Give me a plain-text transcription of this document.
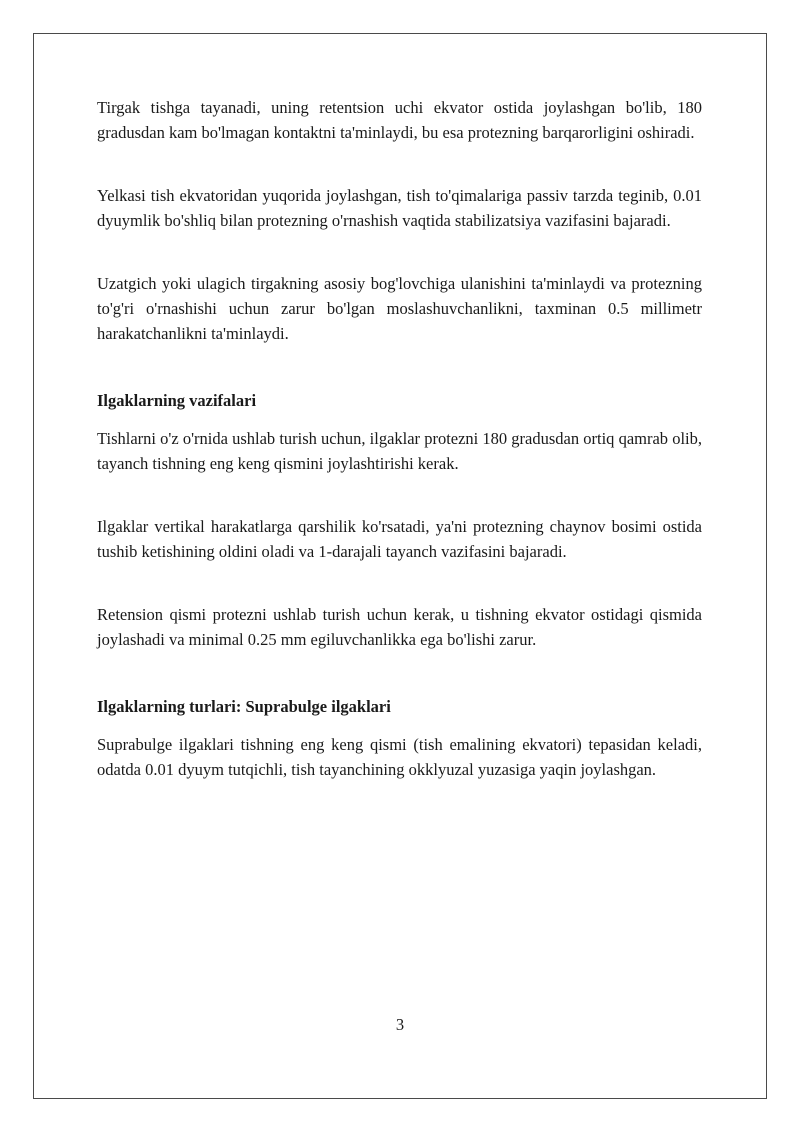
Tirgak tishga tayanadi, uning retentsion uchi ekvator ostida joylashgan bo'lib, 180 gradusdan kam bo'lmagan kontaktni ta'minlaydi, bu esa protezning barqarorligini oshiradi.

Yelkasi tish ekvatoridan yuqorida joylashgan, tish to'qimalariga passiv tarzda teginib, 0.01 dyuymlik bo'shliq bilan protezning o'rnashish vaqtida stabilizatsiya vazifasini bajaradi.

Uzatgich yoki ulagich tirgakning asosiy bog'lovchiga ulanishini ta'minlaydi va protezning to'g'ri o'rnashishi uchun zarur bo'lgan moslashuvchanlikni, taxminan 0.5 millimetr harakatchanlikni ta'minlaydi.

Ilgaklarning vazifalari

Tishlarni o'z o'rnida ushlab turish uchun, ilgaklar protezni 180 gradusdan ortiq qamrab olib, tayanch tishning eng keng qismini joylashtirishi kerak.

Ilgaklar vertikal harakatlarga qarshilik ko'rsatadi, ya'ni protezning chaynov bosimi ostida tushib ketishining oldini oladi va 1-darajali tayanch vazifasini bajaradi.

Retension qismi protezni ushlab turish uchun kerak, u tishning ekvator ostidagi qismida joylashadi va minimal 0.25 mm egiluvchanlikka ega bo'lishi zarur.

Ilgaklarning turlari: Suprabulge ilgaklari

Suprabulge ilgaklari tishning eng keng qismi (tish emalining ekvatori) tepasidan keladi, odatda 0.01 dyuym tutqichli, tish tayanchining okklyuzal yuzasiga yaqin joylashgan.

3
